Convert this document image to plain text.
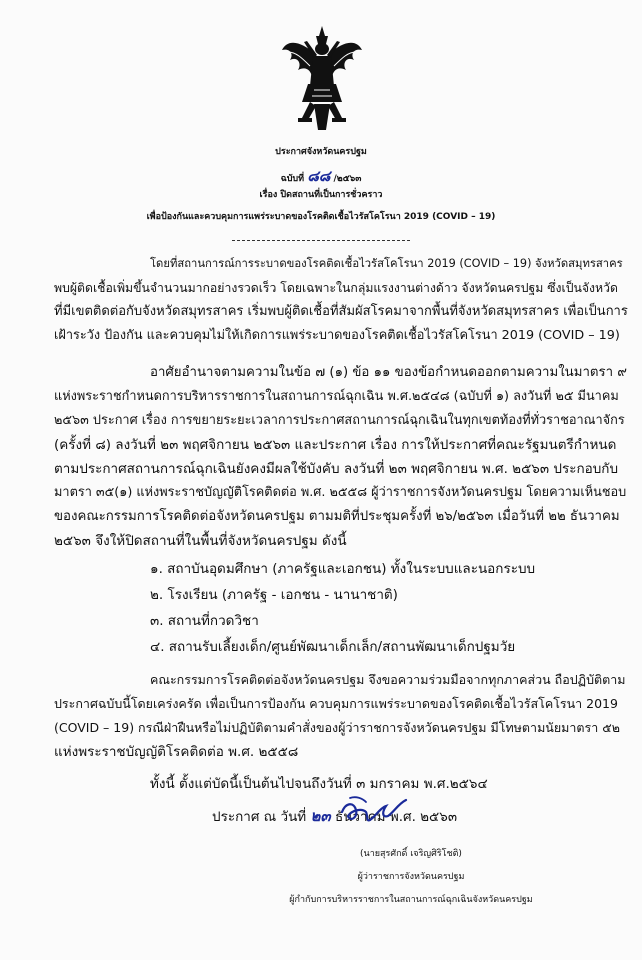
ประกาศจังหวัดนครปฐม
ฉบับที่ ๘๘ /๒๕๖๓
เรื่อง ปิดสถานที่เป็นการชั่วคราว
เพื่อป้องกันและควบคุมการแพร่ระบาดของโรคติดเชื้อไวรัสโคโรนา 2019 (COVID – 19)
โดยที่สถานการณ์การระบาดของโรคติดเชื้อไวรัสโคโรนา 2019 (COVID – 19) จังหวัดสมุทรสาคร
พบผู้ติดเชื้อเพิ่มขึ้นจำนวนมากอย่างรวดเร็ว โดยเฉพาะในกลุ่มแรงงานต่างด้าว จังหวัดนครปฐม ซึ่งเป็นจังหวัด
ที่มีเขตติดต่อกับจังหวัดสมุทรสาคร เริ่มพบผู้ติดเชื้อที่สัมผัสโรคมาจากพื้นที่จังหวัดสมุทรสาคร เพื่อเป็นการ
เฝ้าระวัง ป้องกัน และควบคุมไม่ให้เกิดการแพร่ระบาดของโรคติดเชื้อไวรัสโคโรนา 2019 (COVID – 19)
อาศัยอำนาจตามความในข้อ ๗ (๑) ข้อ ๑๑ ของข้อกำหนดออกตามความในมาตรา ๙
แห่งพระราชกำหนดการบริหารราชการในสถานการณ์ฉุกเฉิน พ.ศ.๒๕๔๘ (ฉบับที่ ๑) ลงวันที่ ๒๕ มีนาคม
๒๕๖๓ ประกาศ เรื่อง การขยายระยะเวลาการประกาศสถานการณ์ฉุกเฉินในทุกเขตท้องที่ทั่วราชอาณาจักร
(ครั้งที่ ๘) ลงวันที่ ๒๓ พฤศจิกายน ๒๕๖๓ และประกาศ เรื่อง การให้ประกาศที่คณะรัฐมนตรีกำหนด
ตามประกาศสถานการณ์ฉุกเฉินยังคงมีผลใช้บังคับ ลงวันที่ ๒๓ พฤศจิกายน พ.ศ. ๒๕๖๓ ประกอบกับ
มาตรา ๓๕(๑) แห่งพระราชบัญญัติโรคติดต่อ พ.ศ. ๒๕๕๘ ผู้ว่าราชการจังหวัดนครปฐม โดยความเห็นชอบ
ของคณะกรรมการโรคติดต่อจังหวัดนครปฐม ตามมติที่ประชุมครั้งที่ ๒๖/๒๕๖๓ เมื่อวันที่ ๒๒ ธันวาคม
๒๕๖๓ จึงให้ปิดสถานที่ในพื้นที่จังหวัดนครปฐม ดังนี้
๑. สถาบันอุดมศึกษา (ภาครัฐและเอกชน) ทั้งในระบบและนอกระบบ
๒. โรงเรียน (ภาครัฐ - เอกชน - นานาชาติ)
๓. สถานที่กวดวิชา
๔. สถานรับเลี้ยงเด็ก/ศูนย์พัฒนาเด็กเล็ก/สถานพัฒนาเด็กปฐมวัย
คณะกรรมการโรคติดต่อจังหวัดนครปฐม จึงขอความร่วมมือจากทุกภาคส่วน ถือปฏิบัติตาม
ประกาศฉบับนี้โดยเคร่งครัด เพื่อเป็นการป้องกัน ควบคุมการแพร่ระบาดของโรคติดเชื้อไวรัสโคโรนา 2019
(COVID – 19) กรณีฝ่าฝืนหรือไม่ปฏิบัติตามคำสั่งของผู้ว่าราชการจังหวัดนครปฐม มีโทษตามนัยมาตรา ๕๒
แห่งพระราชบัญญัติโรคติดต่อ พ.ศ. ๒๕๕๘
ทั้งนี้ ตั้งแต่บัดนี้เป็นต้นไปจนถึงวันที่ ๓ มกราคม พ.ศ.๒๕๖๔
ประกาศ ณ วันที่ ๒๓ ธันวาคม พ.ศ. ๒๕๖๓
(นายสุรศักดิ์ เจริญศิริโชติ)
ผู้ว่าราชการจังหวัดนครปฐม
ผู้กำกับการบริหารราชการในสถานการณ์ฉุกเฉินจังหวัดนครปฐม
